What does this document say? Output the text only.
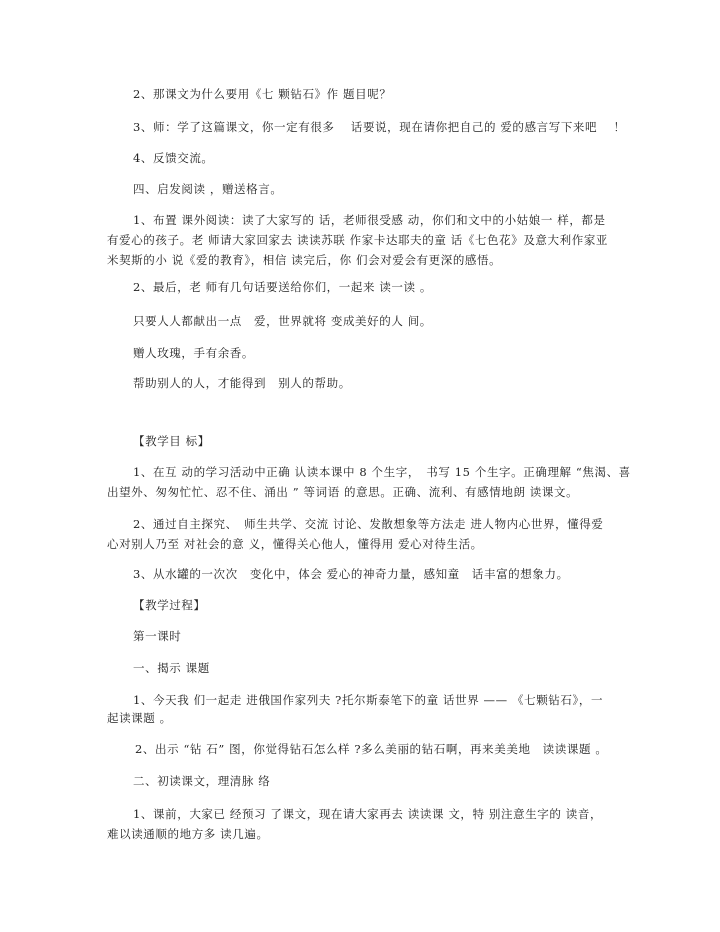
2、那课文为什么要用《七 颗钻石》作 题目呢？

3、师：学了这篇课文，你一定有很多　 话要说，现在请你把自己的 爱的感言写下来吧 　！

4、反馈交流。

四、启发阅读 ，赠送格言。

1、布置 课外阅读：读了大家写的 话，老师很受感 动，你们和文中的小姑娘一 样，都是

有爱心的孩子。老 师请大家回家去 读读苏联 作家卡达耶夫的童 话《七色花》及意大利作家亚

米契斯的小 说《爱的教育》，相信 读完后，你 们会对爱会有更深的感悟。

2、最后，老 师有几句话要送给你们，一起来 读一读 。

只要人人都献出一点　爱，世界就将 变成美好的人 间。

赠人玫瑰，手有余香。

帮助别人的人，才能得到　别人的帮助。

【教学目 标】

1、在互 动的学习活动中正确 认读本课中 8 个生字，　书写 15 个生字。正确理解 “焦渴、喜

出望外、匆匆忙忙、忍不住、涌出 ” 等词语 的意思。正确、流利、有感情地朗 读课文。

2、通过自主探究、　师生共学、交流 讨论、发散想象等方法走 进人物内心世界，懂得爱

心对别人乃至 对社会的意 义，懂得关心他人，懂得用 爱心对待生活。

3、从水罐的一次次　变化中，体会 爱心的神奇力量，感知童　话丰富的想象力。

【教学过程】

第一课时

一、揭示 课题

1、今天我 们一起走 进俄国作家列夫 ?托尔斯泰笔下的童 话世界 —— 《七颗钻石》，一

起读课题 。

2、出示 “钻 石” 图，你觉得钻石怎么样 ?多么美丽的钻石啊，再来美美地　读读课题 。

二、初读课文，理清脉 络

1、课前，大家已 经预习 了课文，现在请大家再去 读读课 文，特 别注意生字的 读音，

难以读通顺的地方多 读几遍。
